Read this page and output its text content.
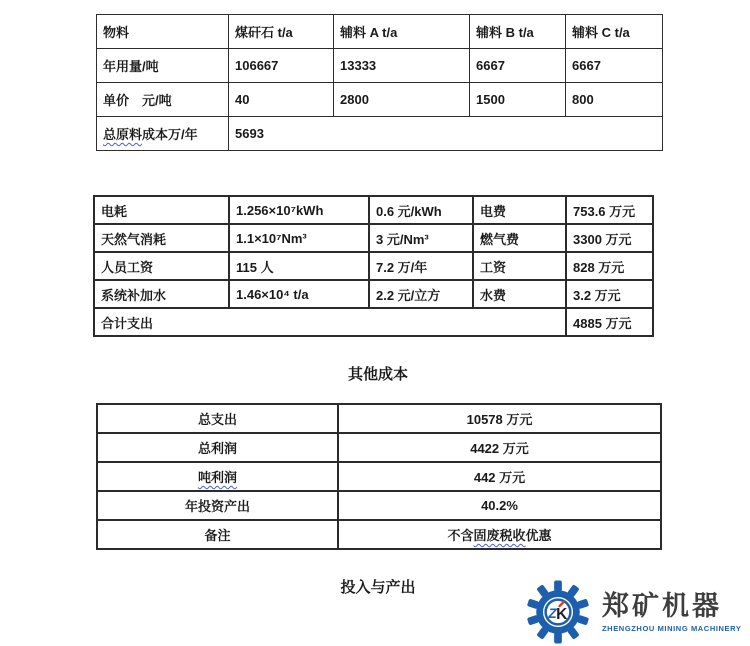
物料	煤矸石 t/a	辅料 A t/a	辅料 B t/a	辅料 C t/a
年用量/吨	106667	13333	6667	6667
单价　元/吨	40	2800	1500	800
总原料成本万/年	5693			
电耗	1.256×10⁷kWh	0.6 元/kWh	电费	753.6 万元
天然气消耗	1.1×10⁷Nm³	3 元/Nm³	燃气费	3300 万元
人员工资	115 人	7.2 万/年	工资	828 万元
系统补加水	1.46×10⁴ t/a	2.2 元/立方	水费	3.2 万元
合计支出				4885 万元
其他成本
总支出	10578 万元
总利润	4422 万元
吨利润	442 万元
年投资产出	40.2%
备注	不含固废税收优惠
投入与产出
Z K 郑矿机器
ZHENGZHOU MINING MACHINERY
